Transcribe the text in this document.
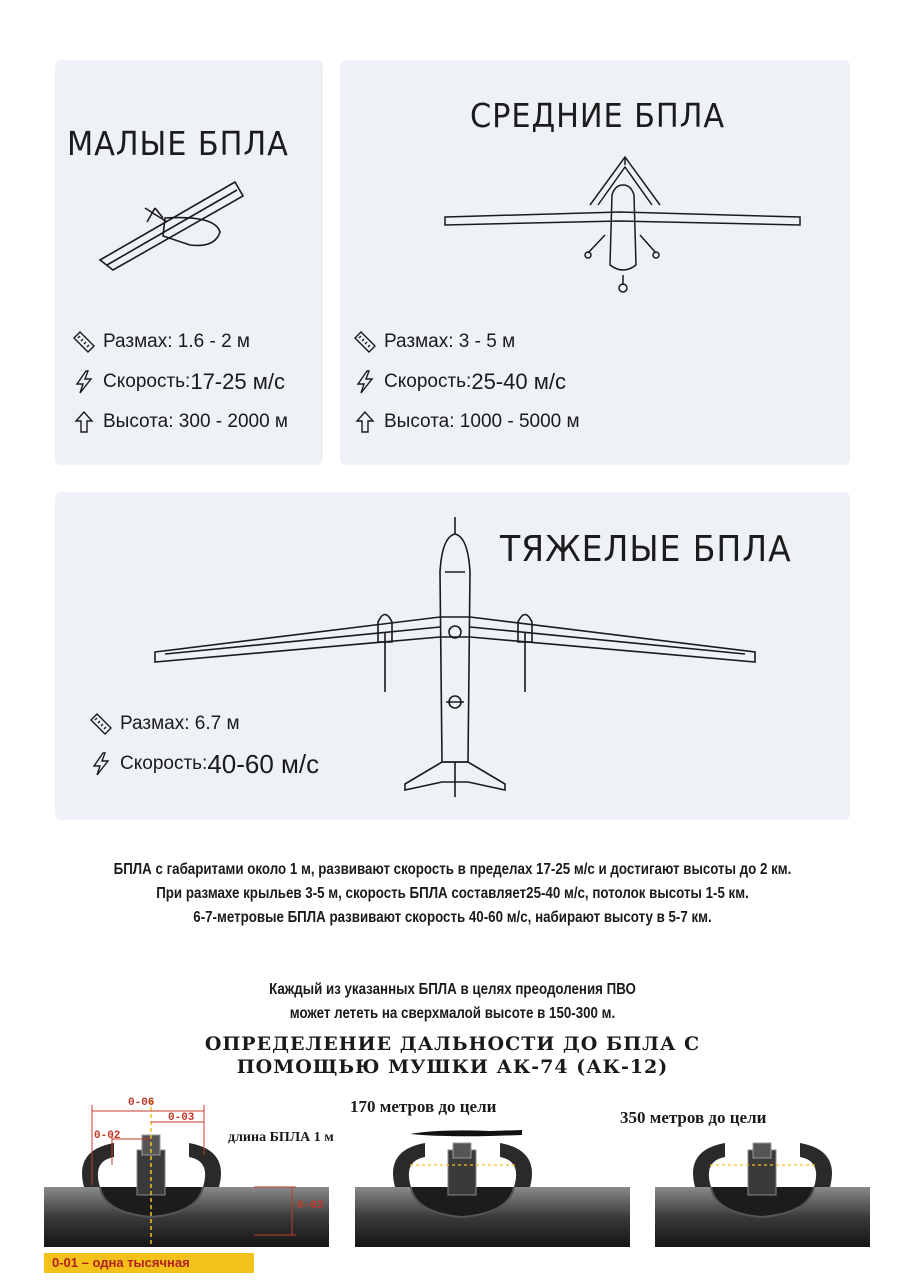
МАЛЫЕ БПЛА
Размах: 1.6 - 2 м
Скорость: 17-25 м/с
Высота: 300 - 2000 м
СРЕДНИЕ БПЛА
Размах: 3 - 5 м
Скорость: 25-40 м/с
Высота: 1000 - 5000 м
ТЯЖЕЛЫЕ БПЛА
Размах: 6.7 м
Скорость: 40-60 м/с
БПЛА с габаритами около 1 м, развивают скорость в пределах 17-25 м/с и достигают высоты до 2 км.
При размахе крыльев 3-5 м, скорость БПЛА составляет25-40 м/с, потолок высоты 1-5 км.
6-7-метровые БПЛА развивают скорость 40-60 м/с, набирают высоту в 5-7 км.
Каждый из указанных БПЛА в целях преодоления ПВО
может лететь на сверхмалой высоте в 150-300 м.
ОПРЕДЕЛЕНИЕ ДАЛЬНОСТИ ДО БПЛА С
ПОМОЩЬЮ МУШКИ АК-74 (АК-12)
0-06
0-03
0-02
0-03
170 метров до цели
350 метров до цели
длина БПЛА 1 м
0-01 – одна тысячная
